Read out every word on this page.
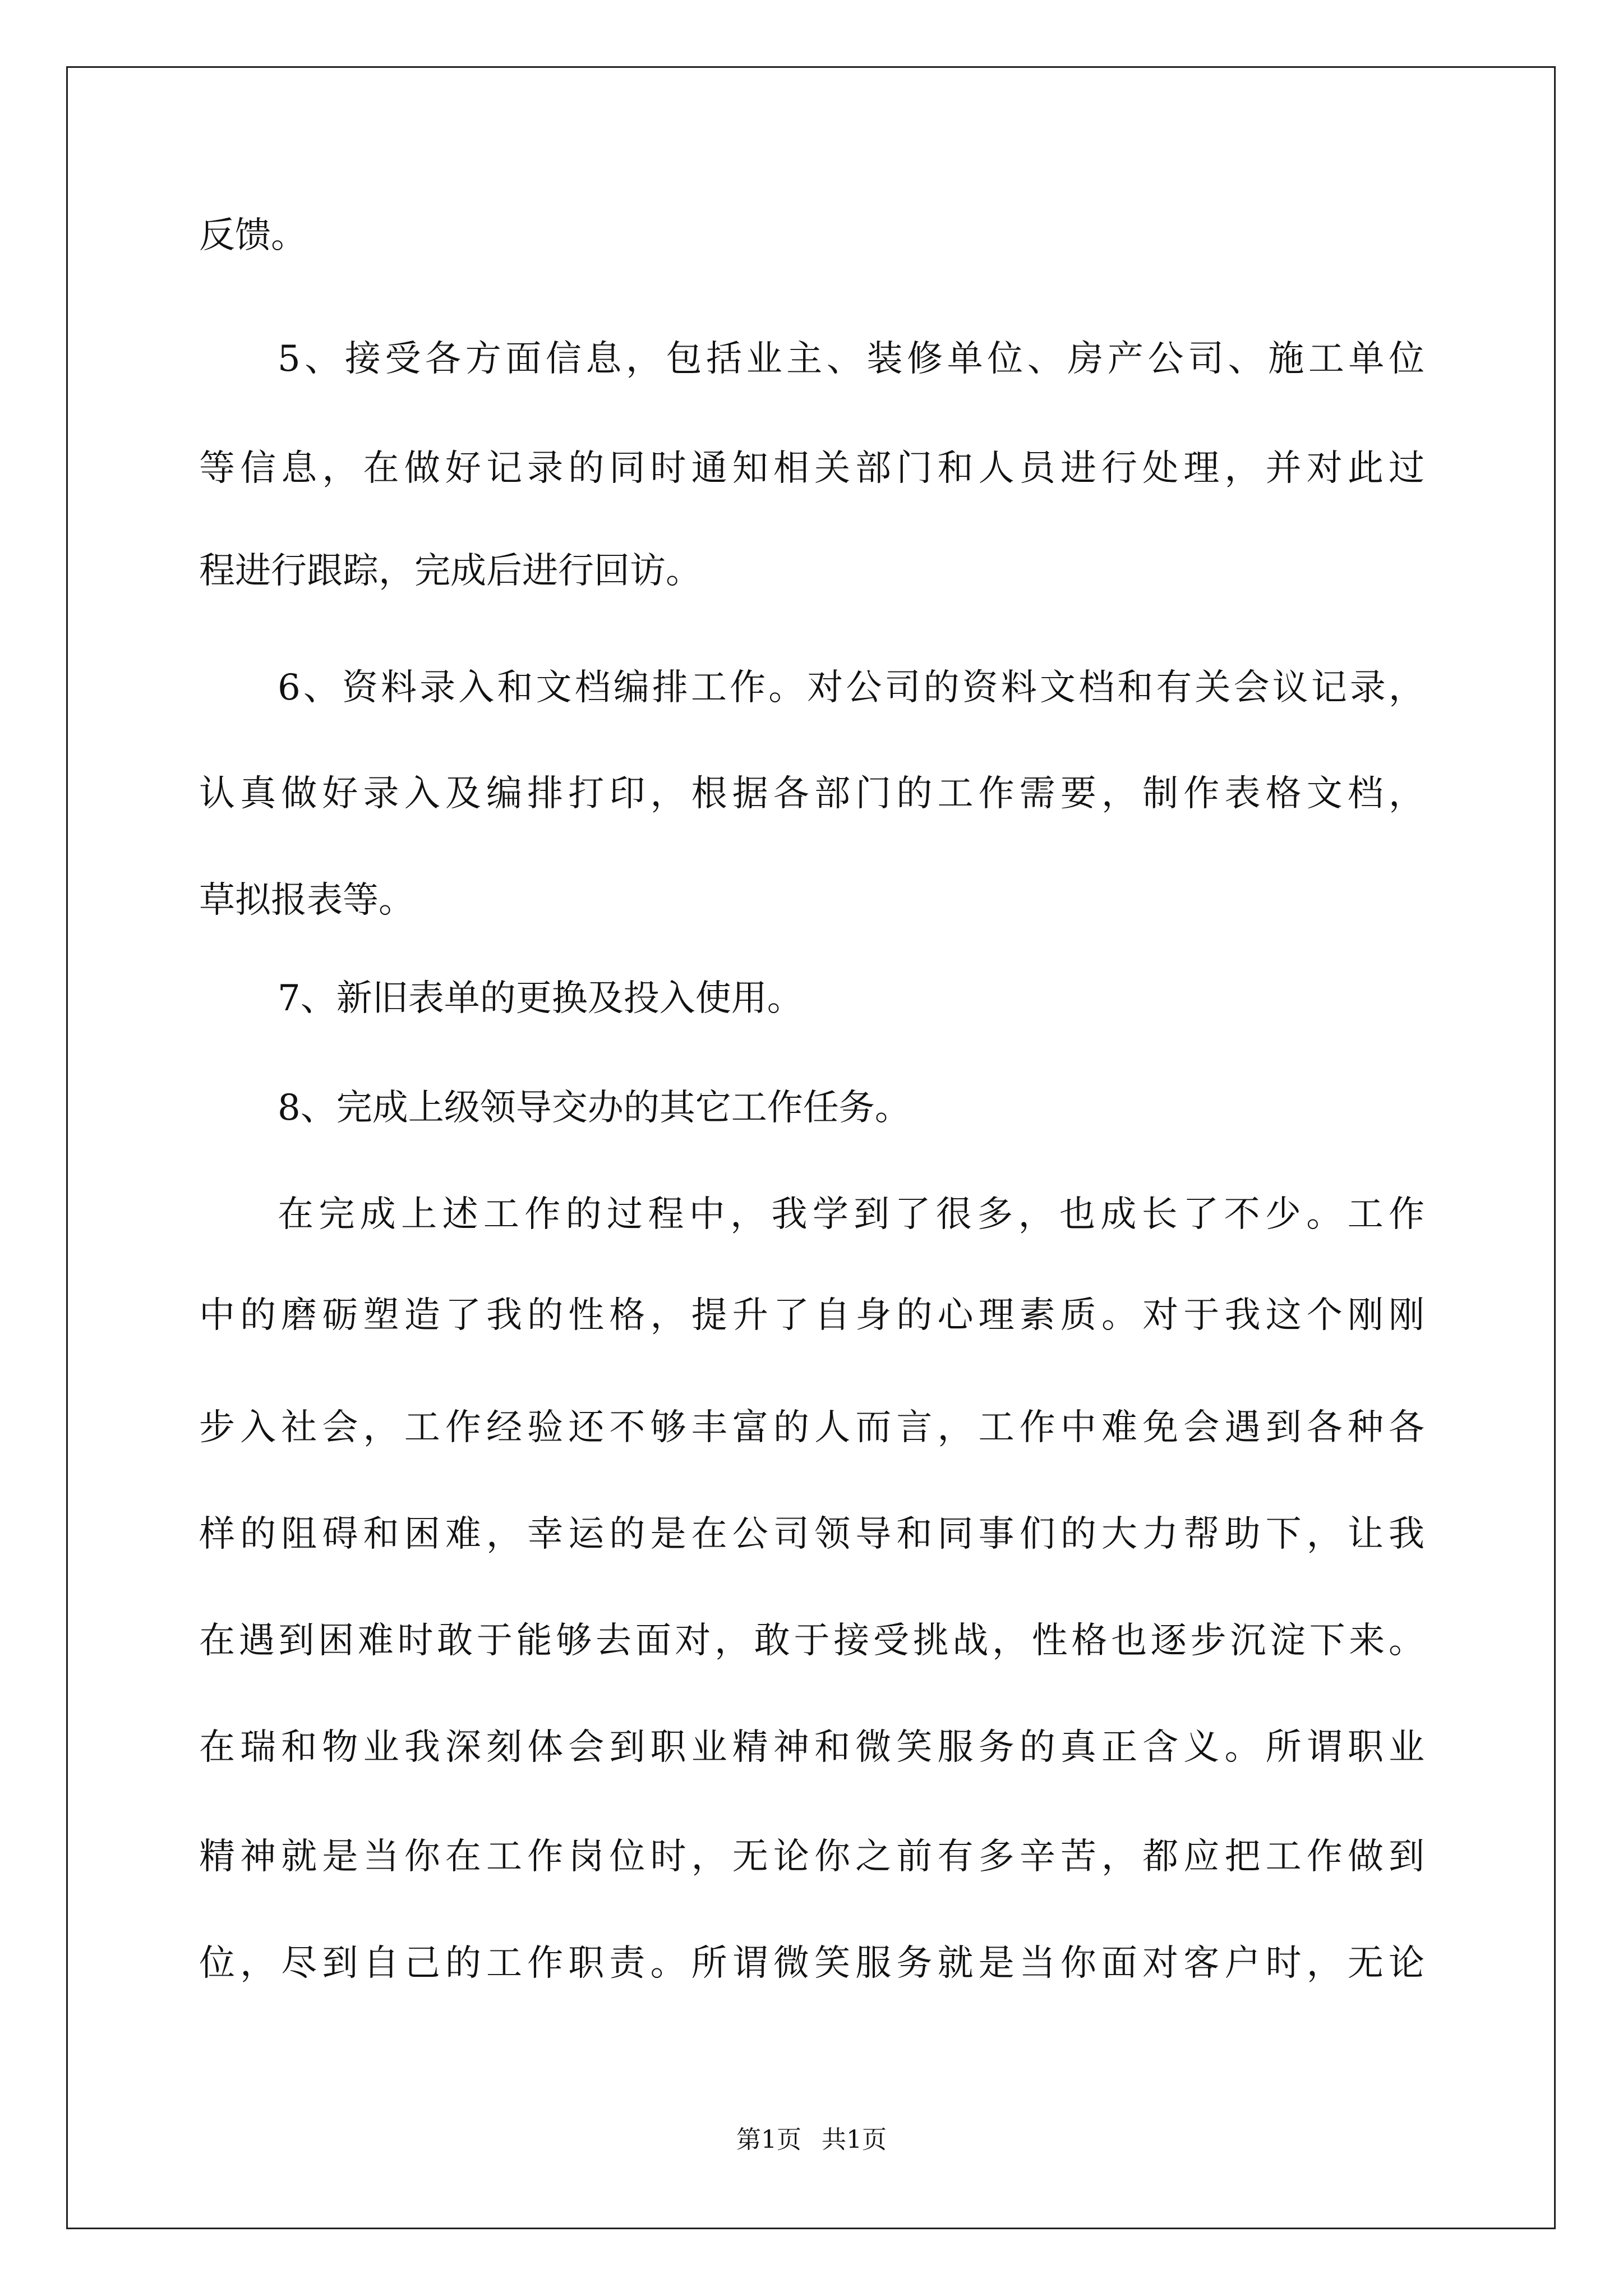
反馈。

5、接受各方面信息，包括业主、装修单位、房产公司、施工单位

等信息，在做好记录的同时通知相关部门和人员进行处理，并对此过

程进行跟踪，完成后进行回访。

6、资料录入和文档编排工作。对公司的资料文档和有关会议记录，

认真做好录入及编排打印，根据各部门的工作需要，制作表格文档，

草拟报表等。

7、新旧表单的更换及投入使用。

8、完成上级领导交办的其它工作任务。

在完成上述工作的过程中，我学到了很多，也成长了不少。工作

中的磨砺塑造了我的性格，提升了自身的心理素质。对于我这个刚刚

步入社会，工作经验还不够丰富的人而言，工作中难免会遇到各种各

样的阻碍和困难，幸运的是在公司领导和同事们的大力帮助下，让我

在遇到困难时敢于能够去面对，敢于接受挑战，性格也逐步沉淀下来。

在瑞和物业我深刻体会到职业精神和微笑服务的真正含义。所谓职业

精神就是当你在工作岗位时，无论你之前有多辛苦，都应把工作做到

位，尽到自己的工作职责。所谓微笑服务就是当你面对客户时，无论

第1页 共1页
